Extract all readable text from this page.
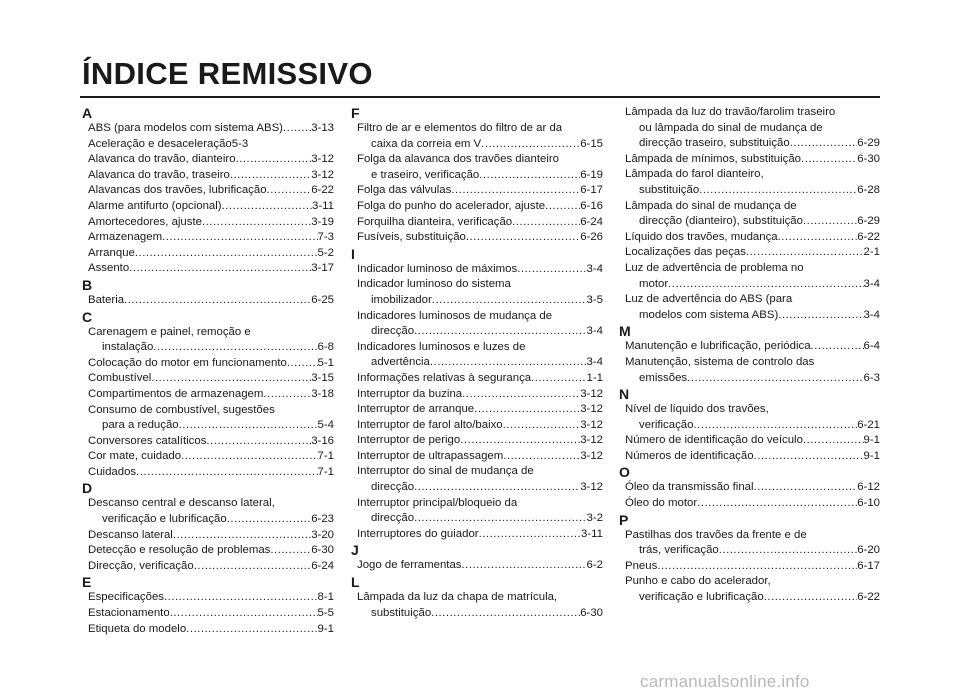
ÍNDICE REMISSIVO
A
ABS (para modelos com sistema ABS) ..... 3-13
Aceleração e desaceleração 5-3
Alavanca do travão, dianteiro .....	3-12
Alavanca do travão, traseiro .....	3-12
Alavancas dos travões, lubrificação .....	6-22
Alarme antifurto (opcional) .....	3-11
Amortecedores, ajuste .....	3-19
Armazenagem .....	7-3
Arranque .....	5-2
Assento .....	3-17
B
Bateria .....	6-25
C
Carenagem e painel, remoção e
instalação .....	6-8
Colocação do motor em funcionamento .....	5-1
Combustível .....	3-15
Compartimentos de armazenagem .....	3-18
Consumo de combustível, sugestões
para a redução .....	5-4
Conversores catalíticos .....	3-16
Cor mate, cuidado .....	7-1
Cuidados .....	7-1
D
Descanso central e descanso lateral,
verificação e lubrificação .....	6-23
Descanso lateral .....	3-20
Detecção e resolução de problemas .....	6-30
Direcção, verificação .....	6-24
E
Especificações .....	8-1
Estacionamento .....	5-5
Etiqueta do modelo .....	9-1
F
Filtro de ar e elementos do filtro de ar da
caixa da correia em V .....	6-15
Folga da alavanca dos travões dianteiro
e traseiro, verificação .....	6-19
Folga das válvulas .....	6-17
Folga do punho do acelerador, ajuste .....	6-16
Forquilha dianteira, verificação .....	6-24
Fusíveis, substituição .....	6-26
I
Indicador luminoso de máximos .....	3-4
Indicador luminoso do sistema
imobilizador .....	3-5
Indicadores luminosos de mudança de
direcção .....	3-4
Indicadores luminosos e luzes de
advertência .....	3-4
Informações relativas à segurança .....	1-1
Interruptor da buzina .....	3-12
Interruptor de arranque .....	3-12
Interruptor de farol alto/baixo .....	3-12
Interruptor de perigo .....	3-12
Interruptor de ultrapassagem .....	3-12
Interruptor do sinal de mudança de
direcção .....	3-12
Interruptor principal/bloqueio da
direcção .....	3-2
Interruptores do guiador .....	3-11
J
Jogo de ferramentas .....	6-2
L
Lâmpada da luz da chapa de matrícula,
substituição .....	6-30
Lâmpada da luz do travão/farolim traseiro
ou lâmpada do sinal de mudança de
direcção traseiro, substituição .....	6-29
Lâmpada de mínimos, substituição .....	6-30
Lâmpada do farol dianteiro,
substituição .....	6-28
Lâmpada do sinal de mudança de
direcção (dianteiro), substituição .....	6-29
Líquido dos travões, mudança .....	6-22
Localizações das peças .....	2-1
Luz de advertência de problema no
motor .....	3-4
Luz de advertência do ABS (para
modelos com sistema ABS) .....	3-4
M
Manutenção e lubrificação, periódica .....	6-4
Manutenção, sistema de controlo das
emissões .....	6-3
N
Nível de líquido dos travões,
verificação .....	6-21
Número de identificação do veículo .....	9-1
Números de identificação .....	9-1
O
Óleo da transmissão final .....	6-12
Óleo do motor .....	6-10
P
Pastilhas dos travões da frente e de
trás, verificação .....	6-20
Pneus .....	6-17
Punho e cabo do acelerador,
verificação e lubrificação .....	6-22
carmanualsonline.info
